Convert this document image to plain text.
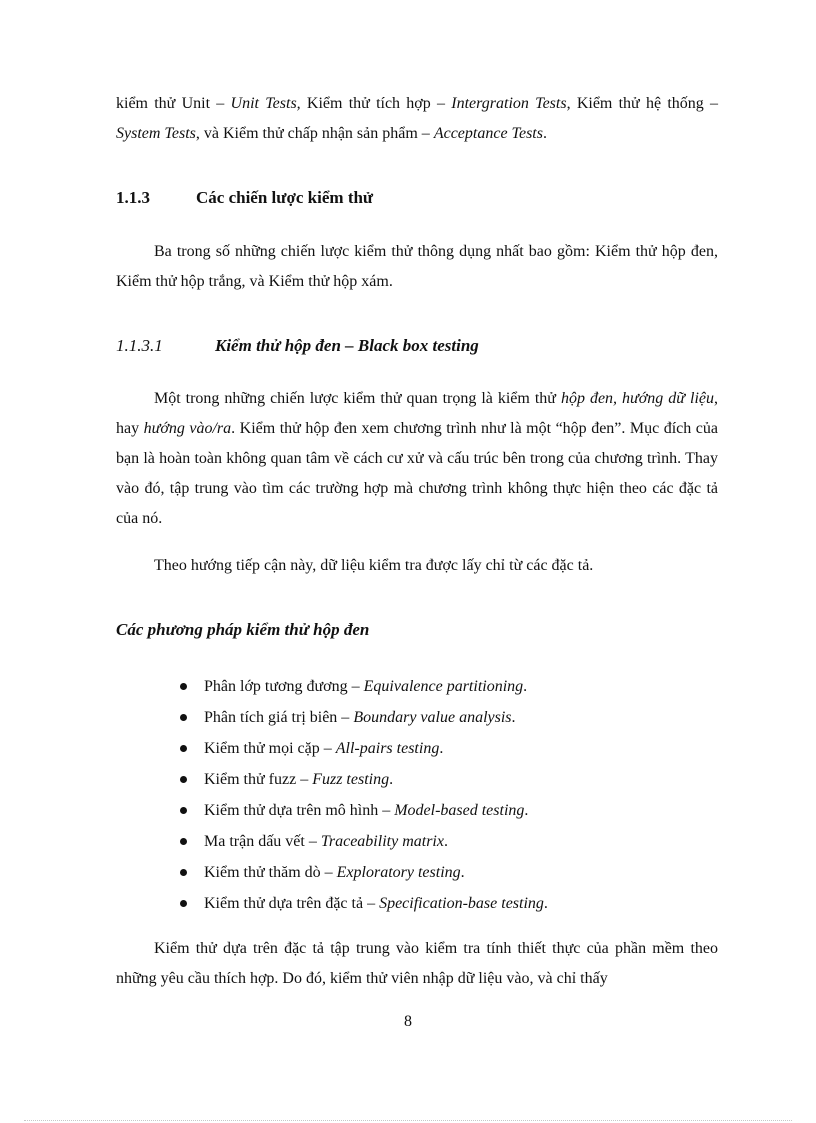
kiểm thử Unit – Unit Tests, Kiểm thử tích hợp – Intergration Tests, Kiểm thử hệ thống – System Tests, và Kiểm thử chấp nhận sản phẩm – Acceptance Tests.

1.1.3	Các chiến lược kiểm thử

Ba trong số những chiến lược kiểm thử thông dụng nhất bao gồm: Kiểm thử hộp đen, Kiểm thử hộp trắng, và Kiểm thử hộp xám.

1.1.3.1	Kiểm thử hộp đen – Black box testing

Một trong những chiến lược kiểm thử quan trọng là kiểm thử hộp đen, hướng dữ liệu, hay hướng vào/ra. Kiểm thử hộp đen xem chương trình như là một “hộp đen”. Mục đích của bạn là hoàn toàn không quan tâm về cách cư xử và cấu trúc bên trong của chương trình. Thay vào đó, tập trung vào tìm các trường hợp mà chương trình không thực hiện theo các đặc tả của nó.

Theo hướng tiếp cận này, dữ liệu kiểm tra được lấy chỉ từ các đặc tả.

Các phương pháp kiểm thử hộp đen
Phân lớp tương đương – Equivalence partitioning.
Phân tích giá trị biên – Boundary value analysis.
Kiểm thử mọi cặp – All-pairs testing.
Kiểm thử fuzz – Fuzz testing.
Kiểm thử dựa trên mô hình – Model-based testing.
Ma trận dấu vết – Traceability matrix.
Kiểm thử thăm dò – Exploratory testing.
Kiểm thử dựa trên đặc tả – Specification-base testing.

Kiểm thử dựa trên đặc tả tập trung vào kiểm tra tính thiết thực của phần mềm theo những yêu cầu thích hợp. Do đó, kiểm thử viên nhập dữ liệu vào, và chỉ thấy

8
